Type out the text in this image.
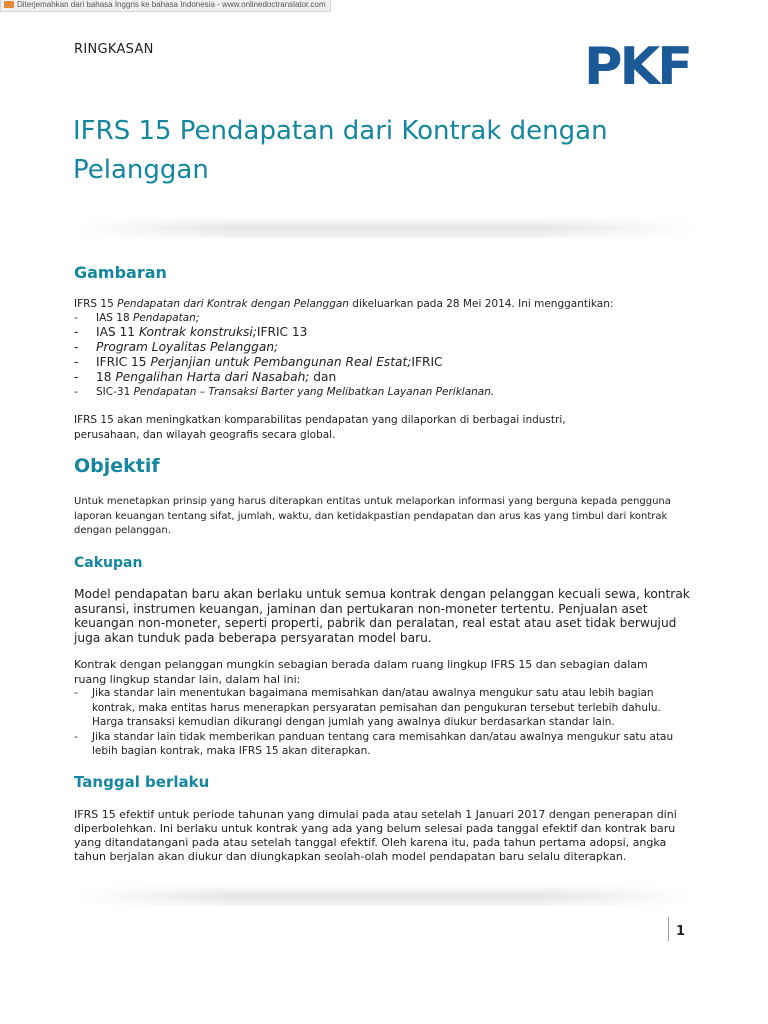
Diterjemahkan dari bahasa Inggris ke bahasa Indonesia - www.onlinedoctranslator.com
RINGKASAN	PKF
IFRS 15 Pendapatan dari Kontrak dengan Pelanggan
Gambaran

IFRS 15 Pendapatan dari Kontrak dengan Pelanggan dikeluarkan pada 28 Mei 2014. Ini menggantikan:

- IAS 18 Pendapatan;
- IAS 11 Kontrak konstruksi;IFRIC 13
- Program Loyalitas Pelanggan;
- IFRIC 15 Perjanjian untuk Pembangunan Real Estat;IFRIC
- 18 Pengalihan Harta dari Nasabah; dan
- SIC-31 Pendapatan – Transaksi Barter yang Melibatkan Layanan Periklanan.

IFRS 15 akan meningkatkan komparabilitas pendapatan yang dilaporkan di berbagai industri, perusahaan, dan wilayah geografis secara global.

Objektif

Untuk menetapkan prinsip yang harus diterapkan entitas untuk melaporkan informasi yang berguna kepada pengguna laporan keuangan tentang sifat, jumlah, waktu, dan ketidakpastian pendapatan dan arus kas yang timbul dari kontrak dengan pelanggan.

Cakupan

Model pendapatan baru akan berlaku untuk semua kontrak dengan pelanggan kecuali sewa, kontrak asuransi, instrumen keuangan, jaminan dan pertukaran non-moneter tertentu. Penjualan aset keuangan non-moneter, seperti properti, pabrik dan peralatan, real estat atau aset tidak berwujud juga akan tunduk pada beberapa persyaratan model baru.

Kontrak dengan pelanggan mungkin sebagian berada dalam ruang lingkup IFRS 15 dan sebagian dalam ruang lingkup standar lain, dalam hal ini:

- Jika standar lain menentukan bagaimana memisahkan dan/atau awalnya mengukur satu atau lebih bagian kontrak, maka entitas harus menerapkan persyaratan pemisahan dan pengukuran tersebut terlebih dahulu. Harga transaksi kemudian dikurangi dengan jumlah yang awalnya diukur berdasarkan standar lain.
- Jika standar lain tidak memberikan panduan tentang cara memisahkan dan/atau awalnya mengukur satu atau lebih bagian kontrak, maka IFRS 15 akan diterapkan.
Tanggal berlaku

IFRS 15 efektif untuk periode tahunan yang dimulai pada atau setelah 1 Januari 2017 dengan penerapan dini diperbolehkan. Ini berlaku untuk kontrak yang ada yang belum selesai pada tanggal efektif dan kontrak baru yang ditandatangani pada atau setelah tanggal efektif. Oleh karena itu, pada tahun pertama adopsi, angka tahun berjalan akan diukur dan diungkapkan seolah-olah model pendapatan baru selalu diterapkan.

1
